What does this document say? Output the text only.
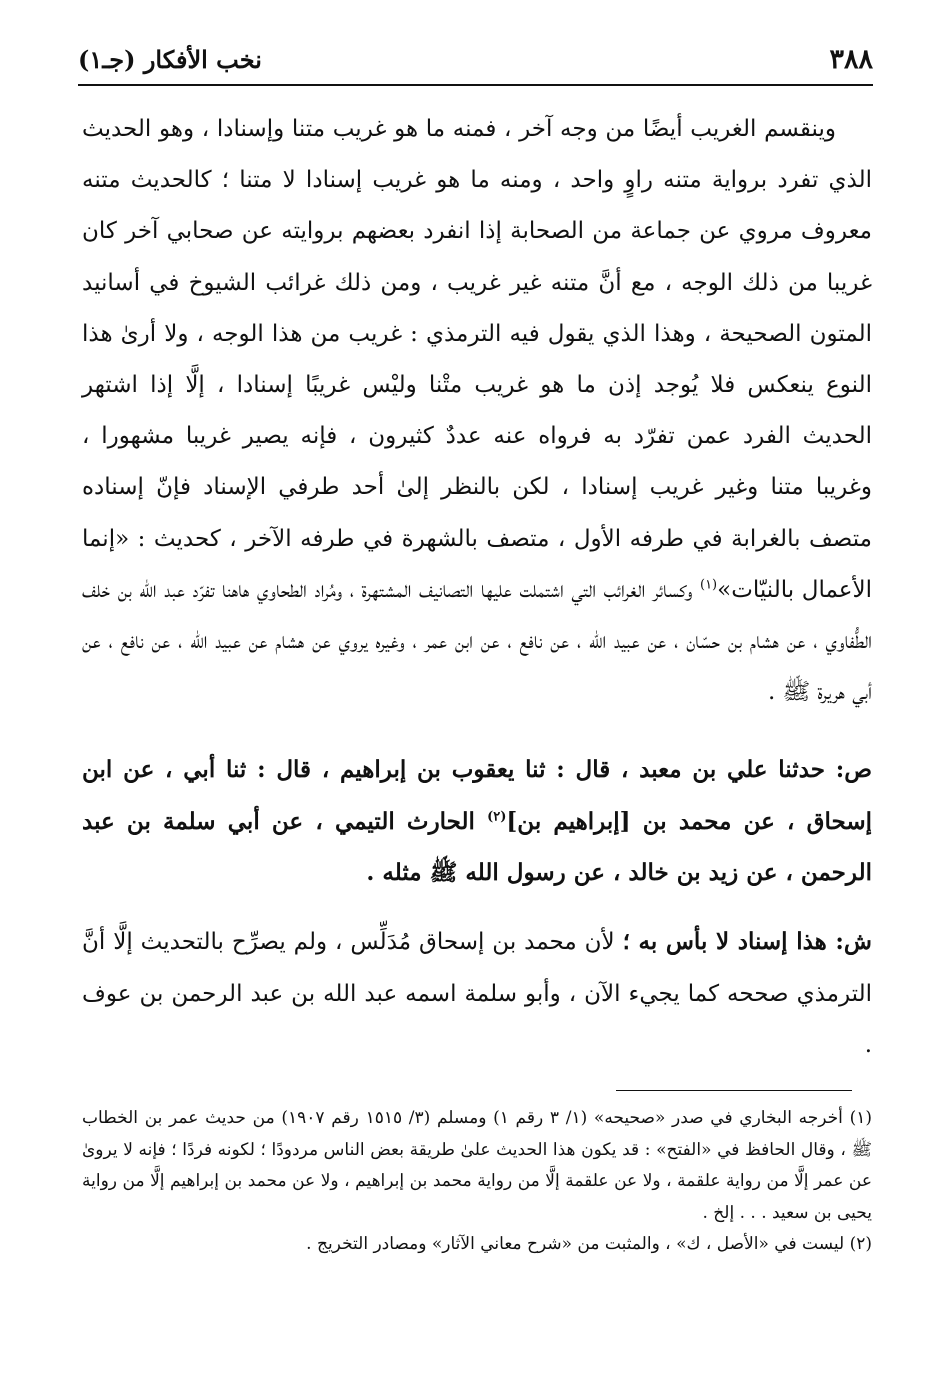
٣٨٨
نخب الأفكار (جـ١)

وينقسم الغريب أيضًا من وجه آخر ، فمنه ما هو غريب متنا وإسنادا ، وهو الحديث الذي تفرد برواية متنه راوٍ واحد ، ومنه ما هو غريب إسنادا لا متنا ؛ كالحديث متنه معروف مروي عن جماعة من الصحابة إذا انفرد بعضهم بروايته عن صحابي آخر كان غريبا من ذلك الوجه ، مع أنَّ متنه غير غريب ، ومن ذلك غرائب الشيوخ في أسانيد المتون الصحيحة ، وهذا الذي يقول فيه الترمذي : غريب من هذا الوجه ، ولا أرىٰ هذا النوع ينعكس فلا يُوجد إذن ما هو غريب متْنا وليْس غريبًا إسنادا ، إلَّا إذا اشتهر الحديث الفرد عمن تفرّد به فرواه عنه عددٌ كثيرون ، فإنه يصير غريبا مشهورا ، وغريبا متنا وغير غريب إسنادا ، لكن بالنظر إلىٰ أحد طرفي الإسناد فإنّ إسناده متصف بالغرابة في طرفه الأول ، متصف بالشهرة في طرفه الآخر ، كحديث : «إنما الأعمال بالنيّات»$^{(١)}$ وكسائر الغرائب التي اشتملت عليها التصانيف المشتهرة ، ومُراد الطحاوي هاهنا تفرّد عبد الله بن خلف الطُّفاوي ، عن هشام بن حسّان ، عن عبيد الله ، عن نافع ، عن ابن عمر ، وغيره يروي عن هشام عن عبيد الله ، عن نافع ، عن أبي هريرة ﷺ .

ص: حدثنا علي بن معبد ، قال : ثنا يعقوب بن إبراهيم ، قال : ثنا أبي ، عن ابن إسحاق ، عن محمد بن [إبراهيم بن]$^{(٢)}$ الحارث التيمي ، عن أبي سلمة بن عبد الرحمن ، عن زيد بن خالد ، عن رسول الله ﷺ مثله .

ش: هذا إسناد لا بأس به ؛ لأن محمد بن إسحاق مُدَلِّس ، ولم يصرِّح بالتحديث إلَّا أنَّ الترمذي صححه كما يجيء الآن ، وأبو سلمة اسمه عبد الله بن عبد الرحمن بن عوف .

(١) أخرجه البخاري في صدر «صحيحه» (١/ ٣ رقم ١) ومسلم (٣/ ١٥١٥ رقم ١٩٠٧) من حديث عمر بن الخطاب ﷺ ، وقال الحافظ في «الفتح» : قد يكون هذا الحديث علىٰ طريقة بعض الناس مردودًا ؛ لكونه فردًا ؛ فإنه لا يروىٰ عن عمر إلَّا من رواية علقمة ، ولا عن علقمة إلَّا من رواية محمد بن إبراهيم ، ولا عن محمد بن إبراهيم إلَّا من رواية يحيى بن سعيد . . . إلخ .

(٢) ليست في «الأصل ، ك» ، والمثبت من «شرح معاني الآثار» ومصادر التخريج .
